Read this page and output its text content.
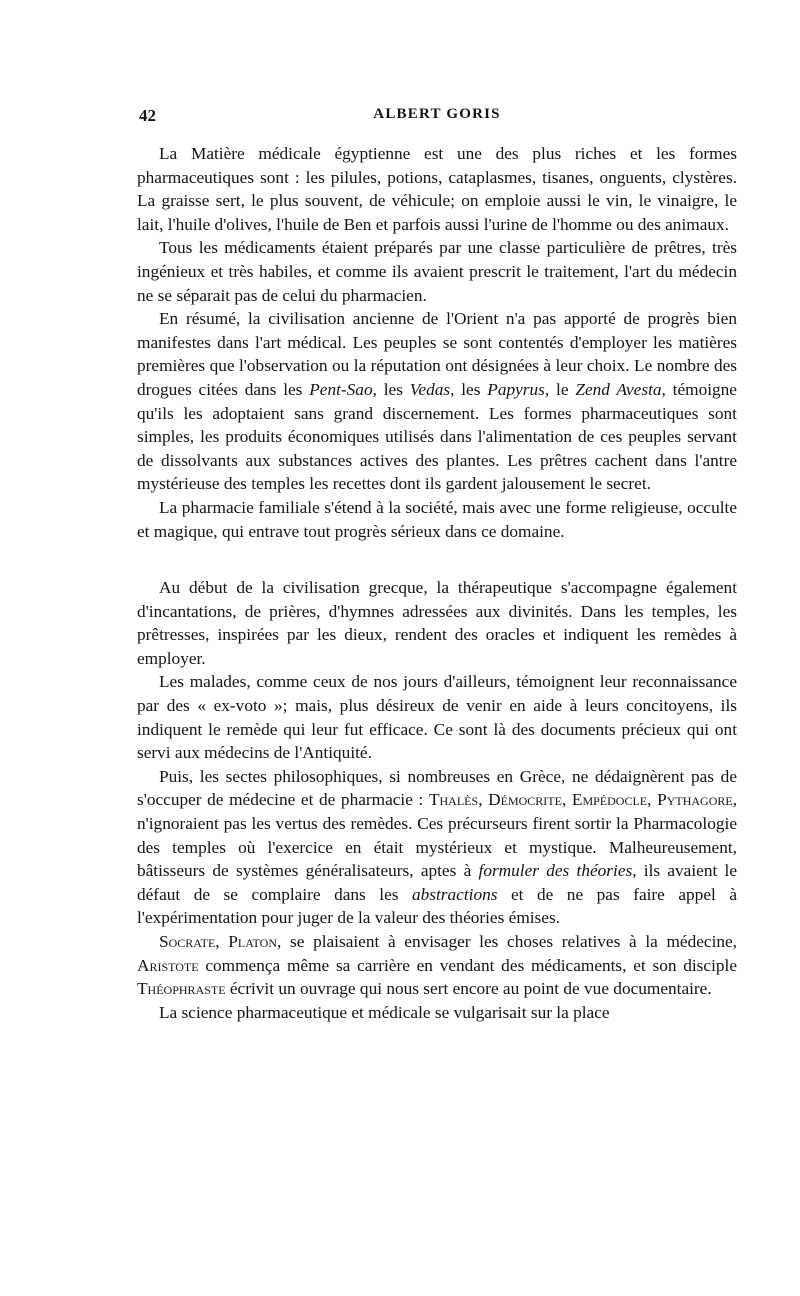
42	ALBERT GORIS

La Matière médicale égyptienne est une des plus riches et les formes pharmaceutiques sont : les pilules, potions, cataplasmes, tisanes, onguents, clystères. La graisse sert, le plus souvent, de véhicule; on emploie aussi le vin, le vinaigre, le lait, l'huile d'olives, l'huile de Ben et parfois aussi l'urine de l'homme ou des animaux.

Tous les médicaments étaient préparés par une classe particulière de prêtres, très ingénieux et très habiles, et comme ils avaient prescrit le traitement, l'art du médecin ne se séparait pas de celui du pharmacien.

En résumé, la civilisation ancienne de l'Orient n'a pas apporté de progrès bien manifestes dans l'art médical. Les peuples se sont contentés d'employer les matières premières que l'observation ou la réputation ont désignées à leur choix. Le nombre des drogues citées dans les Pent-Sao, les Vedas, les Papyrus, le Zend Avesta, témoigne qu'ils les adoptaient sans grand discernement. Les formes pharmaceutiques sont simples, les produits économiques utilisés dans l'alimentation de ces peuples servant de dissolvants aux substances actives des plantes. Les prêtres cachent dans l'antre mystérieuse des temples les recettes dont ils gardent jalousement le secret.

La pharmacie familiale s'étend à la société, mais avec une forme religieuse, occulte et magique, qui entrave tout progrès sérieux dans ce domaine.

Au début de la civilisation grecque, la thérapeutique s'accompagne également d'incantations, de prières, d'hymnes adressées aux divinités. Dans les temples, les prêtresses, inspirées par les dieux, rendent des oracles et indiquent les remèdes à employer.

Les malades, comme ceux de nos jours d'ailleurs, témoignent leur reconnaissance par des « ex-voto »; mais, plus désireux de venir en aide à leurs concitoyens, ils indiquent le remède qui leur fut efficace. Ce sont là des documents précieux qui ont servi aux médecins de l'Antiquité.

Puis, les sectes philosophiques, si nombreuses en Grèce, ne dédaignèrent pas de s'occuper de médecine et de pharmacie : Thalès, Démocrite, Empédocle, Pythagore, n'ignoraient pas les vertus des remèdes. Ces précurseurs firent sortir la Pharmacologie des temples où l'exercice en était mystérieux et mystique. Malheureusement, bâtisseurs de systèmes généralisateurs, aptes à formuler des théories, ils avaient le défaut de se complaire dans les abstractions et de ne pas faire appel à l'expérimentation pour juger de la valeur des théories émises.

Socrate, Platon, se plaisaient à envisager les choses relatives à la médecine, Aristote commença même sa carrière en vendant des médicaments, et son disciple Théophraste écrivit un ouvrage qui nous sert encore au point de vue documentaire.

La science pharmaceutique et médicale se vulgarisait sur la place
